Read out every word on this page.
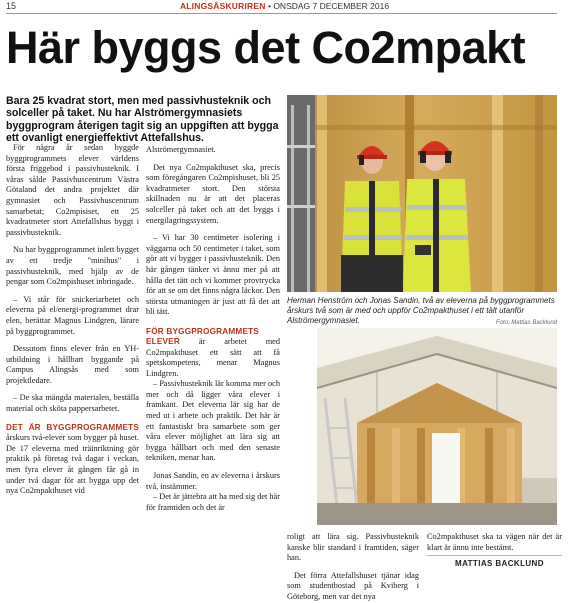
15	ALINGSÅSKURIREN • ONSDAG 7 DECEMBER 2016
Här byggs det Co2mpakt
Bara 25 kvadrat stort, men med passivhusteknik och solceller på taket. Nu har Alströmergymnasiets byggprogram återigen tagit sig an uppgiften att bygga ett ovanligt energieffektivt Attefallshus.

För några år sedan byggde byggprogrammets elever världens första friggebod i passivhusteknik. I våras sålde Passivhuscentrum Västra Götaland det andra projektet där gymnasiet och Passivhuscentrum samarbetat; Co2mpisiset, ett 25 kvadratmeter stort Attefallshus byggt i passivhusteknik.

Nu har byggprogrammet inlett bygget av ett tredje "minihus" i passivhusteknik, med hjälp av de pengar som Co2mpishuset inbringade.

– Vi står för snickeriarbetet och eleverna på el/energi-programmet drar elen, berättar Magnus Lindgren, lärare på byggprogrammet.

Dessutom finns elever från en YH-utbildning i hållbart byggande på Campus Alingsås med som projektledare.

– De ska mängda materialen, beställa material och sköta pappersarbetet.

DET ÄR BYGGPROGRAMMETS årskurs två-elever som bygger på huset. De 17 eleverna med träinriktning gör praktik på företag två dagar i veckan, men fyra elever åt gången får gå in under två dagar för att bygga upp det nya Co2mpakthuset vid

Alströmergymnasiet.

Det nya Co2mpakthuset ska, precis som föregångaren Co2mpishuset, bli 25 kvadratmeter stort. Den största skillnaden nu är att det placeras solceller på taket och att det byggs i energilagringssystem.

– Vi har 30 centimeter isolering i väggarna och 50 centimeter i taket, som gör att vi bygger i passivhusteknik. Den här gången tänker vi ännu mer på att hålla det tätt och vi kommer provtrycka för att se om det finns några läckor. Den största utmaningen är just att få det att bli tätt.

FÖR BYGGPROGRAMMETS
ELEVER är arbetet med Co2mpakthuset ett sätt att få spetskompetens, menar Magnus Lindgren.

– Passivhusteknik lär komma mer och mer och då ligger våra elever i framkant. Det eleverna lär sig har de med ut i arbete och praktik. Det här är ett fantastiskt bra samarbete som ger våra elever möjlighet att lära sig att bygga hållbart och med den senaste tekniken, menar han.

Jonas Sandin, en av eleverna i årskurs två, instämmer.

– Det är jättebra att ha med sig det här för framtiden och det är

Herman Henström och Jonas Sandin, två av eleverna på byggprogrammets årskurs två som är med och uppför Co2mpakthuset i ett tält utanför Alströmergymnasiet.	Foto: Mattias Backlund

roligt att lära sig. Passivhusteknik kanske blir standard i framtiden, säger han.

Det förra Attefallshuset tjänar idag som studentbostad på Kviberg i Göteborg, men var det nya

Co2mpakthuset ska ta vägen när det är klart är ännu inte bestämt.

MATTIAS BACKLUND
